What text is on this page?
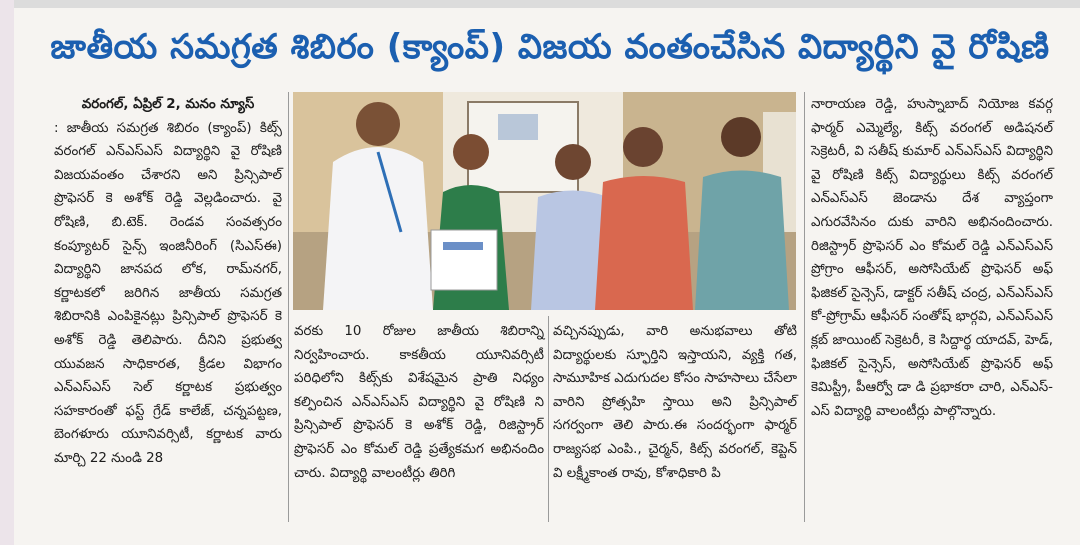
జాతీయ సమగ్రత శిబిరం (క్యాంప్) విజయ వంతంచేసిన విద్యార్థిని వై రోషిణి
వరంగల్, ఏప్రిల్ 2, మనం న్యూస్
: జాతీయ సమగ్రత శిబిరం (క్యాంప్) కిట్స్ వరంగల్ ఎన్ఎస్ఎస్ విద్యార్థిని వై రోషిణి విజయవంతం చేశారని అని ప్రిన్సిపాల్ ప్రొఫెసర్ కె అశోక్ రెడ్డి వెల్లడించారు. వై రోషిణి, బి.టెక్. రెండవ సంవత్సరం కంప్యూటర్ సైన్స్ ఇంజినీరింగ్ (సిఎస్ఈ) విద్యార్థిని జానపద లోక, రామ్‌నగర్, కర్ణాటకలో జరిగిన జాతీయ సమగ్రత శిబిరానికి ఎంపికైనట్లు ప్రిన్సిపాల్ ప్రొఫెసర్ కె అశోక్ రెడ్డి తెలిపారు. దీనిని ప్రభుత్వ యువజన సాధికారత, క్రీడల విభాగం ఎన్ఎస్ఎస్ సెల్ కర్ణాటక ప్రభుత్వం సహకారంతో ఫస్ట్ గ్రేడ్ కాలేజ్, చన్నపట్టణ, బెంగళూరు యూనివర్సిటీ, కర్ణాటక వారు మార్చి 22 నుండి 28
వరకు 10 రోజుల జాతీయ శిబిరాన్ని నిర్వహించారు. కాకతీయ యూనివర్సిటీ పరిధిలోని కిట్స్‌కు విశేషమైన ప్రాతి నిధ్యం కల్పించిన ఎన్ఎస్ఎస్ విద్యార్థిని వై రోషిణి ని ప్రిన్సిపాల్ ప్రొఫెసర్ కె అశోక్ రెడ్డి, రిజిస్ట్రార్ ప్రొఫెసర్ ఎం కోమల్ రెడ్డి ప్రత్యేకమగ అభినందిం చారు. విద్యార్థి వాలంటీర్లు తిరిగి
వచ్చినప్పుడు, వారి అనుభవాలు తోటి విద్యార్థులకు స్ఫూర్తిని ఇస్తాయని, వ్యక్తి గత, సామూహిక ఎదుగుదల కోసం సాహసాలు చేసేలా వారిని ప్రోత్సహి స్తాయి అని ప్రిన్సిపాల్ సగర్వంగా తెలి పారు.ఈ సందర్భంగా ఫార్మర్ రాజ్యసభ ఎంపి., చైర్మన్, కిట్స్ వరంగల్, కెప్టెన్ వి లక్ష్మీకాంత రావు, కోశాధికారి పి
నారాయణ రెడ్డి, హుస్నాబాద్ నియోజ కవర్గ ఫార్మర్ ఎమ్మెల్యే, కిట్స్ వరంగల్ అడిషనల్ సెక్రెటరీ, వి సతీష్ కుమార్ ఎన్ఎస్ఎస్ విద్యార్థిని వై రోషిణి కిట్స్ విద్యార్థులు కిట్స్ వరంగల్ ఎన్ఎస్ఎస్ జెండాను దేశ వ్యాప్తంగా ఎగురవేసినం దుకు వారిని అభినందించారు. రిజిస్ట్రార్ ప్రొఫెసర్ ఎం కోమల్ రెడ్డి ఎన్ఎస్ఎస్ ప్రోగ్రాం ఆఫీసర్, అసోసియేట్ ప్రొఫెసర్ అఫ్ ఫిజికల్ సైన్సెస్, డాక్టర్ సతీష్ చంద్ర, ఎన్ఎస్ఎస్ కో-ప్రోగ్రామ్ ఆఫీసర్ సంతోష్ భార్గవి, ఎన్ఎస్ఎస్ క్లబ్ జాయింట్ సెక్రెటరీ, కె సిద్దార్థ యాదవ్, హెడ్, ఫిజికల్ సైన్సెస్, అసోసియేట్ ప్రొఫెసర్ అఫ్ కెమిస్ట్రీ, పీఆర్వో డా డి ప్రభాకరా చారి, ఎన్ఎస్- ఎస్ విద్యార్థి వాలంటీర్లు పాల్గొన్నారు.
